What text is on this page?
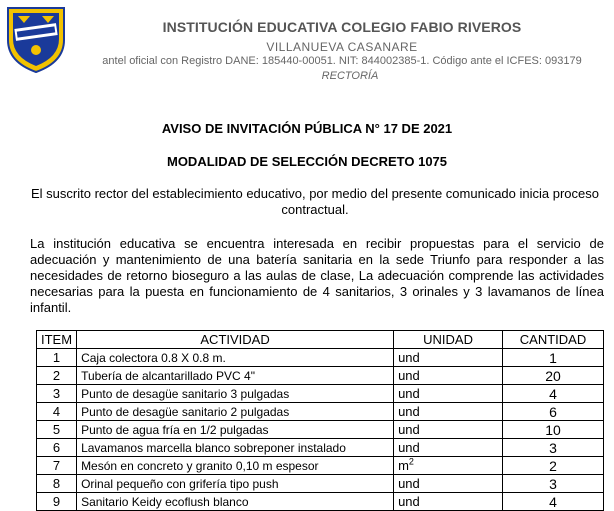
INSTITUCIÓN EDUCATIVA COLEGIO FABIO RIVEROS
VILLANUEVA CASANARE
antel oficial con Registro DANE: 185440-00051. NIT: 844002385-1. Código ante el ICFES: 093179
RECTORÍA
AVISO DE INVITACIÓN PÚBLICA N° 17 DE 2021
MODALIDAD DE SELECCIÓN DECRETO 1075
El suscrito rector del establecimiento educativo, por medio del presente comunicado inicia proceso contractual.
La institución educativa se encuentra interesada en recibir propuestas para el servicio de adecuación y mantenimiento de una batería sanitaria en la sede Triunfo para responder a las necesidades de retorno bioseguro a las aulas de clase, La adecuación comprende las actividades necesarias para la puesta en funcionamiento de 4 sanitarios, 3 orinales y 3 lavamanos de línea infantil.
ITEM	ACTIVIDAD	UNIDAD	CANTIDAD
1	Caja colectora 0.8 X 0.8 m.	und	1
2	Tubería de alcantarillado PVC 4"	und	20
3	Punto de desagüe sanitario 3 pulgadas	und	4
4	Punto de desagüe sanitario 2 pulgadas	und	6
5	Punto de agua fría en 1/2 pulgadas	und	10
6	Lavamanos marcella blanco sobreponer instalado	und	3
7	Mesón en concreto y granito 0,10 m espesor	$m^2$	2
8	Orinal pequeño con grifería tipo push	und	3
9	Sanitario Keidy ecoflush blanco	und	4
